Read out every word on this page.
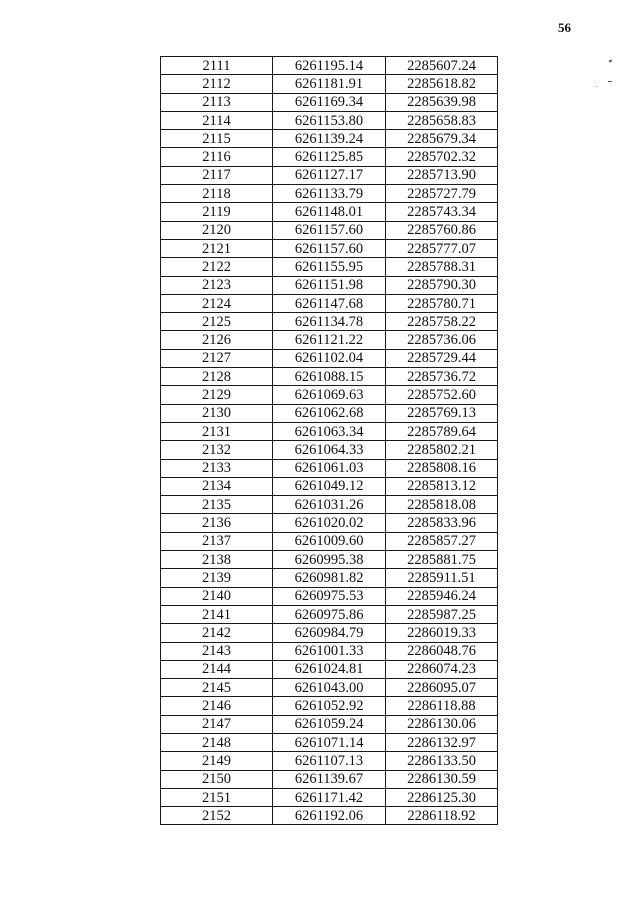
56
2111	6261195.14	2285607.24
2112	6261181.91	2285618.82
2113	6261169.34	2285639.98
2114	6261153.80	2285658.83
2115	6261139.24	2285679.34
2116	6261125.85	2285702.32
2117	6261127.17	2285713.90
2118	6261133.79	2285727.79
2119	6261148.01	2285743.34
2120	6261157.60	2285760.86
2121	6261157.60	2285777.07
2122	6261155.95	2285788.31
2123	6261151.98	2285790.30
2124	6261147.68	2285780.71
2125	6261134.78	2285758.22
2126	6261121.22	2285736.06
2127	6261102.04	2285729.44
2128	6261088.15	2285736.72
2129	6261069.63	2285752.60
2130	6261062.68	2285769.13
2131	6261063.34	2285789.64
2132	6261064.33	2285802.21
2133	6261061.03	2285808.16
2134	6261049.12	2285813.12
2135	6261031.26	2285818.08
2136	6261020.02	2285833.96
2137	6261009.60	2285857.27
2138	6260995.38	2285881.75
2139	6260981.82	2285911.51
2140	6260975.53	2285946.24
2141	6260975.86	2285987.25
2142	6260984.79	2286019.33
2143	6261001.33	2286048.76
2144	6261024.81	2286074.23
2145	6261043.00	2286095.07
2146	6261052.92	2286118.88
2147	6261059.24	2286130.06
2148	6261071.14	2286132.97
2149	6261107.13	2286133.50
2150	6261139.67	2286130.59
2151	6261171.42	2286125.30
2152	6261192.06	2286118.92
